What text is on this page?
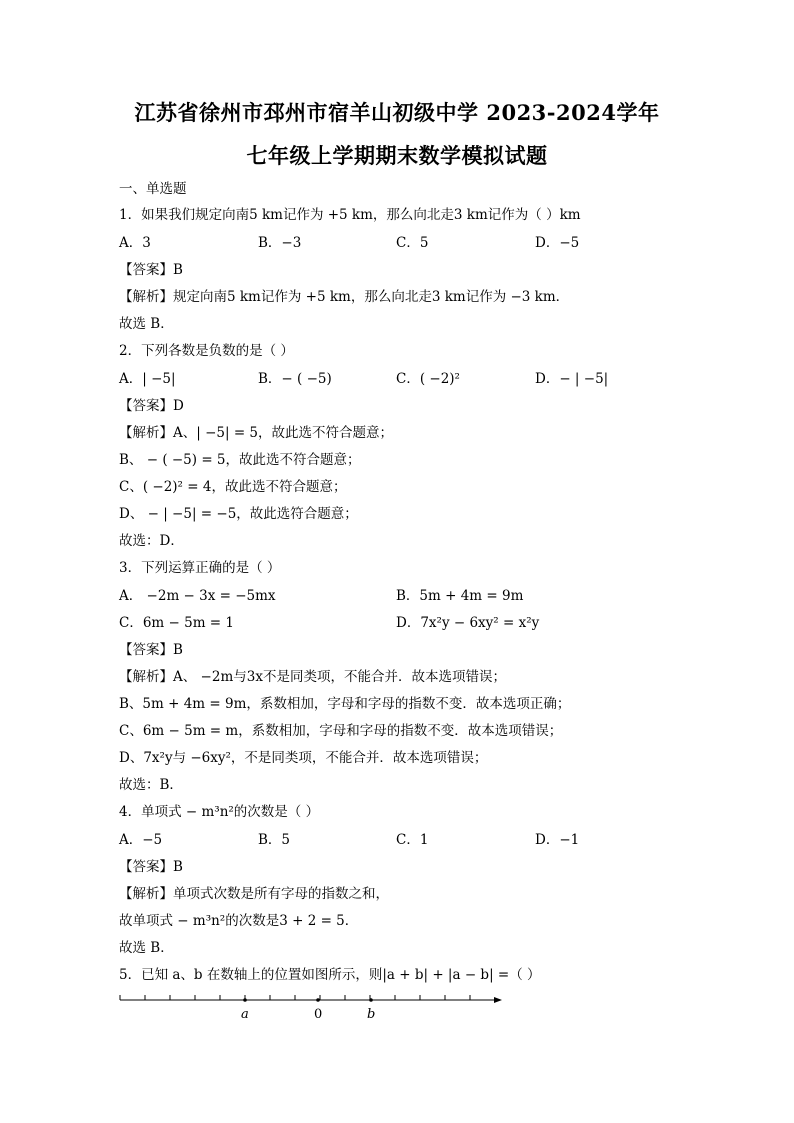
江苏省徐州市邳州市宿羊山初级中学 2023-2024学年
七年级上学期期末数学模拟试题
一、单选题
1．如果我们规定向南5 km记作为 +5 km，那么向北走3 km记作为（ ）km
A．3	B．−3	C．5	D．−5
【答案】B
【解析】规定向南5 km记作为 +5 km，那么向北走3 km记作为 −3 km．
故选 B．
2．下列各数是负数的是（ ）
A．| −5|	B．− ( −5)	C．( −2)²	D．− | −5|
【答案】D
【解析】A、| −5| = 5，故此选不符合题意；
B、 − ( −5) = 5，故此选不符合题意；
C、( −2)² = 4，故此选不符合题意；
D、 − | −5| = −5，故此选符合题意；
故选：D．
3．下列运算正确的是（ ）
A． −2m − 3x = −5mx	B．5m + 4m = 9m
C．6m − 5m = 1	D．7x²y − 6xy² = x²y
【答案】B
【解析】A、 −2m与3x不是同类项，不能合并．故本选项错误；
B、5m + 4m = 9m，系数相加，字母和字母的指数不变．故本选项正确；
C、6m − 5m = m，系数相加，字母和字母的指数不变．故本选项错误；
D、7x²y与 −6xy²，不是同类项，不能合并．故本选项错误；
故选：B．
4．单项式 − m³n²的次数是（ ）
A．−5	B．5	C．1	D．−1
【答案】B
【解析】单项式次数是所有字母的指数之和，
故单项式 − m³n²的次数是3 + 2 = 5．
故选 B．
5．已知 a、b 在数轴上的位置如图所示，则|a + b| + |a − b| =（ ）
a	0	b
